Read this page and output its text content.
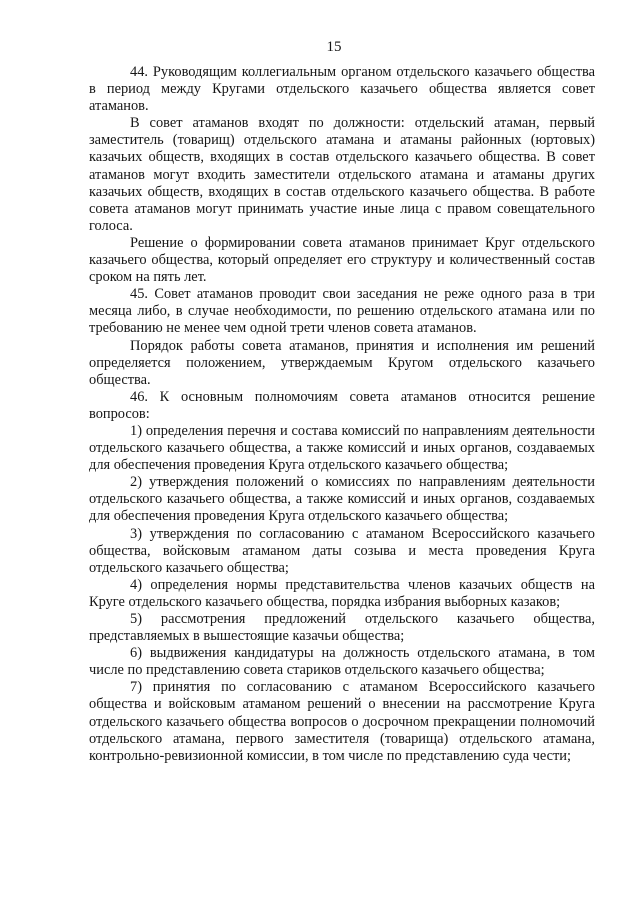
15

44. Руководящим коллегиальным органом отдельского казачьего общества в период между Кругами отдельского казачьего общества является совет атаманов.

В совет атаманов входят по должности: отдельский атаман, первый заместитель (товарищ) отдельского атамана и атаманы районных (юртовых) казачьих обществ, входящих в состав отдельского казачьего общества. В совет атаманов могут входить заместители отдельского атамана и атаманы других казачьих обществ, входящих в состав отдельского казачьего общества. В работе совета атаманов могут принимать участие иные лица с правом совещательного голоса.

Решение о формировании совета атаманов принимает Круг отдельского казачьего общества, который определяет его структуру и количественный состав сроком на пять лет.

45. Совет атаманов проводит свои заседания не реже одного раза в три месяца либо, в случае необходимости, по решению отдельского атамана или по требованию не менее чем одной трети членов совета атаманов.

Порядок работы совета атаманов, принятия и исполнения им решений определяется положением, утверждаемым Кругом отдельского казачьего общества.

46. К основным полномочиям совета атаманов относится решение вопросов:

1) определения перечня и состава комиссий по направлениям деятельности отдельского казачьего общества, а также комиссий и иных органов, создаваемых для обеспечения проведения Круга отдельского казачьего общества;

2) утверждения положений о комиссиях по направлениям деятельности отдельского казачьего общества, а также комиссий и иных органов, создаваемых для обеспечения проведения Круга отдельского казачьего общества;

3) утверждения по согласованию с атаманом Всероссийского казачьего общества, войсковым атаманом даты созыва и места проведения Круга отдельского казачьего общества;

4) определения нормы представительства членов казачьих обществ на Круге отдельского казачьего общества, порядка избрания выборных казаков;

5) рассмотрения предложений отдельского казачьего общества, представляемых в вышестоящие казачьи общества;

6) выдвижения кандидатуры на должность отдельского атамана, в том числе по представлению совета стариков отдельского казачьего общества;

7) принятия по согласованию с атаманом Всероссийского казачьего общества и войсковым атаманом решений о внесении на рассмотрение Круга отдельского казачьего общества вопросов о досрочном прекращении полномочий отдельского атамана, первого заместителя (товарища) отдельского атамана, контрольно-ревизионной комиссии, в том числе по представлению суда чести;
